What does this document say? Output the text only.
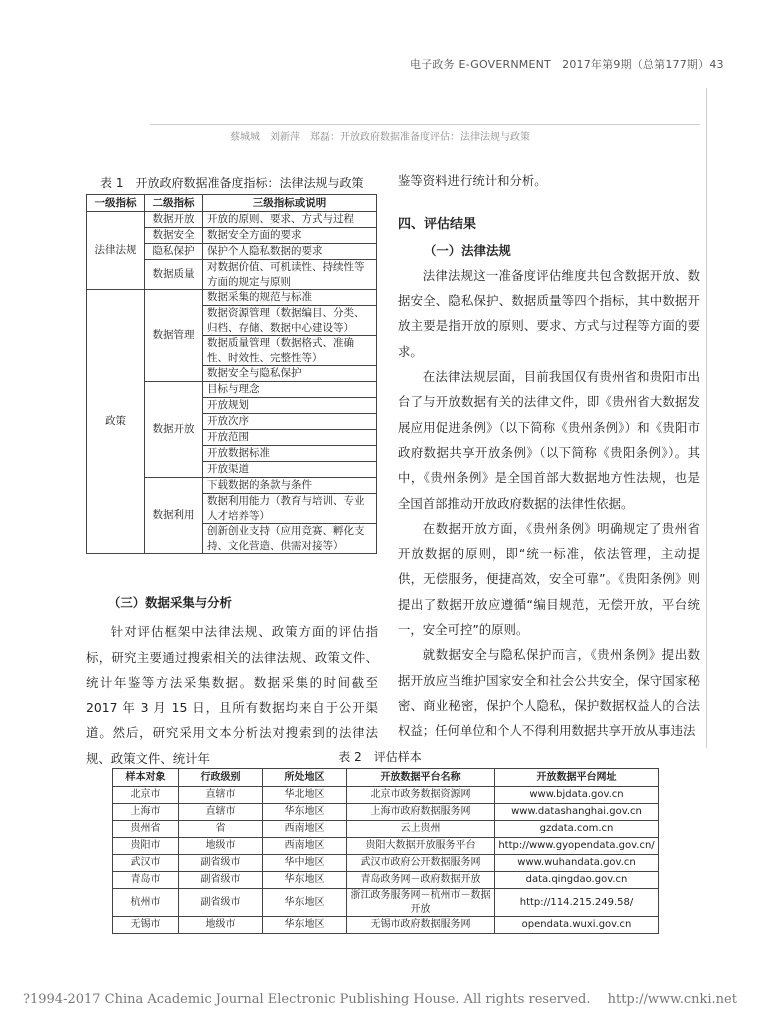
电子政务 E-GOVERNMENT　2017年第9期（总第177期）43
蔡城城　刘新萍　郑磊：开放政府数据准备度评估：法律法规与政策
表 1　开放政府数据准备度指标：法律法规与政策
一级指标	二级指标	三级指标或说明
法律法规	数据开放	开放的原则、要求、方式与过程
	数据安全	数据安全方面的要求
	隐私保护	保护个人隐私数据的要求
	数据质量	对数据价值、可机读性、持续性等方面的规定与原则
政策	数据管理	数据采集的规范与标准
		数据资源管理（数据编目、分类、归档、存储、数据中心建设等）
		数据质量管理（数据格式、准确性、时效性、完整性等）
		数据安全与隐私保护
	数据开放	目标与理念
		开放规划
		开放次序
		开放范围
		开放数据标准
		开放渠道
	数据利用	下载数据的条款与条件
		数据利用能力（教育与培训、专业人才培养等）
		创新创业支持（应用竞赛、孵化支持、文化营造、供需对接等）
（三）数据采集与分析

针对评估框架中法律法规、政策方面的评估指标，研究主要通过搜索相关的法律法规、政策文件、统计年鉴等方法采集数据。数据采集的时间截至 2017 年 3 月 15 日，且所有数据均来自于公开渠道。然后，研究采用文本分析法对搜索到的法律法规、政策文件、统计年

鉴等资料进行统计和分析。

四、评估结果
（一）法律法规

法律法规这一准备度评估维度共包含数据开放、数据安全、隐私保护、数据质量等四个指标，其中数据开放主要是指开放的原则、要求、方式与过程等方面的要求。

在法律法规层面，目前我国仅有贵州省和贵阳市出台了与开放数据有关的法律文件，即《贵州省大数据发展应用促进条例》（以下简称《贵州条例》）和《贵阳市政府数据共享开放条例》（以下简称《贵阳条例》）。其中，《贵州条例》是全国首部大数据地方性法规，也是全国首部推动开放政府数据的法律性依据。

在数据开放方面，《贵州条例》明确规定了贵州省开放数据的原则，即“统一标准，依法管理，主动提供，无偿服务，便捷高效，安全可靠”。《贵阳条例》则提出了数据开放应遵循“编目规范，无偿开放，平台统一，安全可控”的原则。

就数据安全与隐私保护而言，《贵州条例》提出数据开放应当维护国家安全和社会公共安全，保守国家秘密、商业秘密，保护个人隐私，保护数据权益人的合法权益；任何单位和个人不得利用数据共享开放从事违法

表 2　评估样本
样本对象	行政级别	所处地区	开放数据平台名称	开放数据平台网址
北京市	直辖市	华北地区	北京市政务数据资源网	www.bjdata.gov.cn
上海市	直辖市	华东地区	上海市政府数据服务网	www.datashanghai.gov.cn
贵州省	省	西南地区	云上贵州	gzdata.com.cn
贵阳市	地级市	西南地区	贵阳大数据开放服务平台	http://www.gyopendata.gov.cn/
武汉市	副省级市	华中地区	武汉市政府公开数据服务网	www.wuhandata.gov.cn
青岛市	副省级市	华东地区	青岛政务网－政府数据开放	data.qingdao.gov.cn
杭州市	副省级市	华东地区	浙江政务服务网－杭州市－数据开放	http://114.215.249.58/
无锡市	地级市	华东地区	无锡市政府数据服务网	opendata.wuxi.gov.cn
?1994-2017 China Academic Journal Electronic Publishing House. All rights reserved.　 http://www.cnki.net
